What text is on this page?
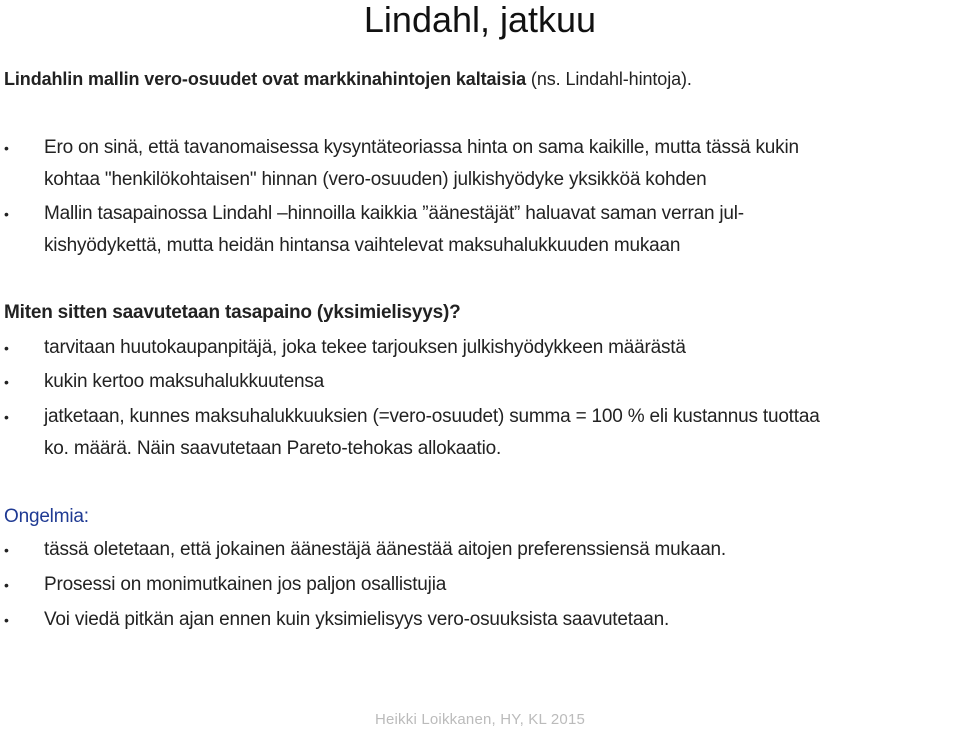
Lindahl, jatkuu
Lindahlin mallin vero-osuudet ovat markkinahintojen kaltaisia (ns. Lindahl-hintoja).
•	Ero on sinä, että tavanomaisessa kysyntäteoriassa hinta on sama kaikille, mutta tässä kukin
kohtaa "henkilökohtaisen" hinnan (vero-osuuden) julkishyödyke yksikköä kohden
•	Mallin tasapainossa Lindahl –hinnoilla kaikkia ”äänestäjät” haluavat saman verran jul-
kishyödykettä, mutta heidän hintansa vaihtelevat maksuhalukkuuden mukaan
Miten sitten saavutetaan tasapaino (yksimielisyys)?
•	tarvitaan huutokaupanpitäjä, joka tekee tarjouksen julkishyödykkeen määrästä
•	kukin kertoo maksuhalukkuutensa
•	jatketaan, kunnes maksuhalukkuuksien (=vero-osuudet) summa = 100 % eli kustannus tuottaa
ko. määrä. Näin saavutetaan Pareto-tehokas allokaatio.
Ongelmia:
•	tässä oletetaan, että jokainen äänestäjä äänestää aitojen preferenssiensä mukaan.
•	Prosessi on monimutkainen jos paljon osallistujia
•	Voi viedä pitkän ajan ennen kuin yksimielisyys vero-osuuksista saavutetaan.
Heikki Loikkanen, HY, KL 2015
